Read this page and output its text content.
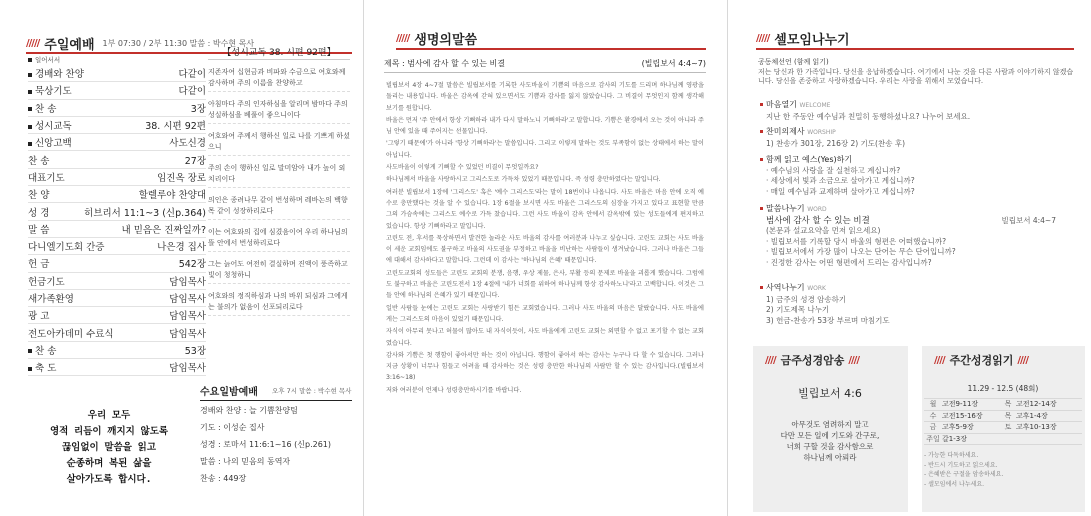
///// 주일예배 1부 07:30 / 2부 11:30 말씀 : 박수현 목사
일어서서
경배와 찬양	다같이
묵상기도	다같이
찬 송	3장
성시교독	38. 시편 92편
신앙고백	사도신경
찬 송	27장
대표기도	임진옥 장로
찬 양	할렐루야 찬양대
성 경	히브리서 11:1~3 (신p.364)
말 씀	내 믿음은 진짜일까?
다니엘기도회 간증	나은경 집사
헌 금	542장
헌금기도	담임목사
새가족환영	담임목사
광 고	담임목사
전도아카데미 수료식	담임목사
찬 송	53장
축 도	담임목사
【성시교독 38. 시편 92편】
지존자여 십현금과 비파와 수금으로 여호와께 감사하며 주의 이름을 찬양하고
아침마다 주의 인자하심을 알리며 밤마다 주의 성실하심을 베풀이 좋으니이다
여호와여 주께서 행하신 일로 나를 기쁘게 하셨으니
주의 손이 행하신 일로 말미암아 내가 높이 외치리이다
의인은 종려나무 같이 번성하며 레바논의 백향목 같이 성장하리로다
이는 여호와의 집에 심겼음이여 우리 하나님의 뜰 안에서 번성하리로다
그는 늙어도 여전히 결실하며 진액이 풍족하고 빛이 청청하니
여호와의 정직하심과 나의 바위 되심과 그에게는 불의가 없음이 선포되리로다
수요일밤예배 오후 7시 말씀 : 박수현 목사
경배와 찬양 : 늘 기쁨찬양팀
기도 : 이성순 집사
성경 : 로마서 11:6:1~16 (신p.261)
말씀 : 나의 믿음의 동역자
찬송 : 449장
우리 모두
영적 리듬이 깨지지 않도록
끊임없이 말씀을 읽고
순종하며 복된 삶을
살아가도록 합시다.
///// 생명의말씀
제목 : 범사에 감사 할 수 있는 비결	(빌립보서 4:4~7)

빌립보서 4장 4~7절 말씀은 빌립보서를 기록한 사도바울이 기쁨의 마음으로 감사의 기도를 드리며 하나님께 영광을 돌리는 내용입니다. 바울은 감옥에 갇혀 있으면서도 기쁨과 감사를 잃지 않았습니다. 그 비결이 무엇인지 함께 생각해 보기를 원합니다.

바울은 먼저 '주 안에서 항상 기뻐하라 내가 다시 말하노니 기뻐하라'고 말합니다. 기쁨은 환경에서 오는 것이 아니라 주님 안에 있을 때 주어지는 선물입니다.

'그렇기 때문에'가 아니라 '항상 기뻐하라'는 말씀입니다. 그리고 이렇게 말하는 것도 부족함이 없는 상태에서 하는 말이 아닙니다.

사도바울이 이렇게 기뻐할 수 있었던 비결이 무엇일까요?

하나님께서 바울을 사랑하시고 그리스도로 가득차 있었기 때문입니다. 즉 성령 충만하였다는 말입니다.

여러분 빌립보서 1장에 '그리스도' 혹은 '예수 그리스도'라는 말이 18번이나 나옵니다. 사도 바울은 마음 안에 오직 예수로 충만했다는 것을 알 수 있습니다. 1장 6절을 보시면 사도 바울은 그리스도의 심장을 가지고 있다고 표현할 만큼 그의 가슴속에는 그리스도 예수로 가득 찼습니다. 그런 사도 바울이 감옥 안에서 감옥밖에 있는 성도들에게 편지하고 있습니다. 항상 기뻐하라고 말입니다.

고린도 전, 후서를 묵상하면서 발견한 놀라운 사도 바울의 감사를 여러분과 나누고 싶습니다. 고린도 교회는 사도 바울이 세운 교회임에도 불구하고 바울의 사도권을 부정하고 바울을 비난하는 사람들이 생겨났습니다. 그러나 바울은 그들에 대해서 감사하다고 말합니다. 그런데 이 감사는 '하나님의 은혜' 때문입니다.

고린도교회의 성도들은 고린도 교회의 분쟁, 음행, 우상 제물, 은사, 부활 등의 문제로 바울을 괴롭게 했습니다. 그럼에도 불구하고 바울은 고린도전서 1장 4절에 '내가 너희를 위하여 하나님께 항상 감사하노니'라고 고백합니다. 이것은 그들 안에 하나님의 은혜가 있기 때문입니다.

일반 사람들 눈에는 고린도 교회는 사랑받기 힘든 교회였습니다. 그러나 사도 바울의 마음은 달랐습니다. 사도 바울에게는 그리스도의 마음이 있었기 때문입니다.

자식이 아무리 못나고 허물이 많아도 내 자식이듯이, 사도 바울에게 고린도 교회는 외면할 수 없고 포기할 수 없는 교회였습니다.

감사와 기쁨은 첫 행함이 좋아서만 하는 것이 아닙니다. 행함이 좋아서 하는 감사는 누구나 다 할 수 있습니다. 그러나 지금 상황이 너무나 힘들고 어려울 때 감사하는 것은 성령 충만한 하나님의 사람만 할 수 있는 감사입니다.(빌립보서 3:16~18)

저와 여러분이 언제나 성령충만하시기를 바랍니다.

///// 셀모임나누기
공동체선언 (함께 읽기)
저는 당신과 한 가족입니다. 당신을 응납하겠습니다. 여기에서 나눈 것을 다른 사람과 이야기하지 않겠습니다. 당신을 존중하고 사랑하겠습니다. 우리는 사랑을 위해서 모였습니다.
마음열기 WELCOME
지난 한 주동안 예수님과 친밀히 동행하셨나요? 나누어 보세요.
찬미의제사 WORSHIP
1) 찬송가 301장, 216장 2) 기도(찬송 후)
함께 읽고 예스(Yes)하기
· 예수님의 사랑을 잘 실천하고 계십니까?
· 세상에서 빛과 소금으로 살아가고 계십니까?
· 매일 예수님과 교제하며 살아가고 계십니까?
말씀나누기 WORD
범사에 감사 할 수 있는 비결	빌립보서 4:4~7
(본문과 설교요약을 먼저 읽으세요)
· 빌립보서를 기록할 당시 바울의 형편은 어떠했습니까?
· 빌립보서에서 가장 많이 나오는 단어는 무슨 단어입니까?
· 진정한 감사는 어떤 형편에서 드리는 감사입니까?
사역나누기 WORK
1) 금주의 성경 암송하기
2) 기도제목 나누기
3) 헌금-찬송가 53장 부르며 마침기도
//// 금주성경암송 ////	//// 주간성경읽기 ////
빌립보서 4:6
아무것도 염려하지 말고
다만 모든 일에 기도와 간구로,
너희 구할 것을 감사함으로
하나님께 아뢰라
11.29 - 12.5 (48회)
월 고전9-11장	목 고전12-14장
수 고전15-16장	목 고후1-4장
금 고후5-9장	토 고후10-13장
주일 갈1-3장
- 가능한 다독하세요.
- 반드시 기도하고 읽으세요.
- 은혜받은 구절을 암송하세요.
- 셀모임에서 나누세요.
